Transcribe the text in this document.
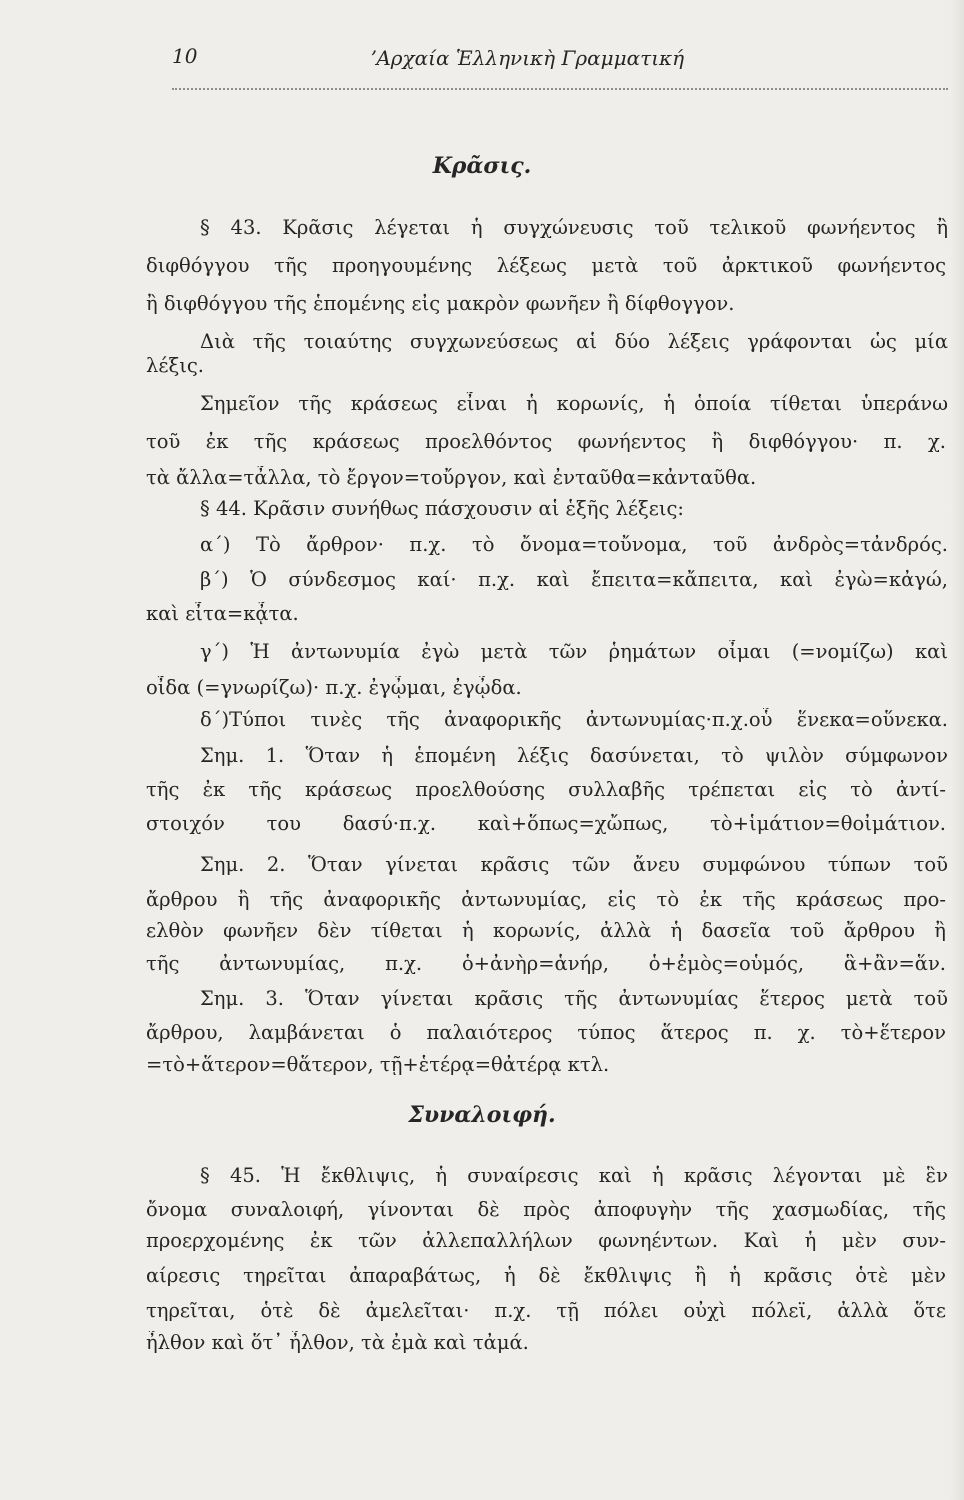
10	ʼΑρχαία Ἑλληνικὴ Γραμματική
Κρᾶσις.
§ 43. Κρᾶσις λέγεται ἡ συγχώνευσις τοῦ τελικοῦ φωνήεντος ἢ
διφθόγγου τῆς προηγουμένης λέξεως μετὰ τοῦ ἀρκτικοῦ φωνήεντος
ἢ διφθόγγου τῆς ἑπομένης εἰς μακρὸν φωνῆεν ἢ δίφθογγον.
Διὰ τῆς τοιαύτης συγχωνεύσεως αἱ δύο λέξεις γράφονται ὡς μία
λέξις.
Σημεῖον τῆς κράσεως εἶναι ἡ κορωνίς, ἡ ὁποία τίθεται ὑπεράνω
τοῦ ἐκ τῆς κράσεως προελθόντος φωνήεντος ἢ διφθόγγου· π. χ.
τὰ ἄλλα=τἆλλα, τὸ ἔργον=τοὔργον, καὶ ἐνταῦθα=κἀνταῦθα.
§ 44. Κρᾶσιν συνήθως πάσχουσιν αἱ ἑξῆς λέξεις:
α΄) Τὸ ἄρθρον· π.χ. τὸ ὄνομα=τοὔνομα, τοῦ ἀνδρὸς=τἀνδρός.
β΄) Ὁ σύνδεσμος καί· π.χ. καὶ ἔπειτα=κἄπειτα, καὶ ἐγὼ=κἀγώ,
καὶ εἶτα=κᾆτα.
γ΄) Ἡ ἀντωνυμία ἐγὼ μετὰ τῶν ῥημάτων οἶμαι (=νομίζω) καὶ
οἶδα (=γνωρίζω)· π.χ. ἐγᾦμαι, ἐγᾦδα.
δ΄)Τύποι τινὲς τῆς ἀναφορικῆς ἀντωνυμίας·π.χ.οὗ ἕνεκα=οὕνεκα.
Σημ. 1. Ὅταν ἡ ἑπομένη λέξις δασύνεται, τὸ ψιλὸν σύμφωνον
τῆς ἐκ τῆς κράσεως προελθούσης συλλαβῆς τρέπεται εἰς τὸ ἀντί-
στοιχόν του δασύ·π.χ. καὶ+ὅπως=χὤπως, τὸ+ἱμάτιον=θοἰμάτιον.
Σημ. 2. Ὅταν γίνεται κρᾶσις τῶν ἄνευ συμφώνου τύπων τοῦ
ἄρθρου ἢ τῆς ἀναφορικῆς ἀντωνυμίας, εἰς τὸ ἐκ τῆς κράσεως προ-
ελθὸν φωνῆεν δὲν τίθεται ἡ κορωνίς, ἀλλὰ ἡ δασεῖα τοῦ ἄρθρου ἢ
τῆς ἀντωνυμίας, π.χ. ὁ+ἀνὴρ=ἁνήρ, ὁ+ἐμὸς=οὑμός, ἃ+ἂν=ἅν.
Σημ. 3. Ὅταν γίνεται κρᾶσις τῆς ἀντωνυμίας ἕτερος μετὰ τοῦ
ἄρθρου, λαμβάνεται ὁ παλαιότερος τύπος ἅτερος π. χ. τὸ+ἕτερον
=τὸ+ἅτερον=θἅτερον, τῇ+ἑτέρᾳ=θἀτέρᾳ κτλ.
Συναλοιφή.
§ 45. Ἡ ἔκθλιψις, ἡ συναίρεσις καὶ ἡ κρᾶσις λέγονται μὲ ἓν
ὄνομα συναλοιφή, γίνονται δὲ πρὸς ἀποφυγὴν τῆς χασμωδίας, τῆς
προερχομένης ἐκ τῶν ἀλλεπαλλήλων φωνηέντων. Καὶ ἡ μὲν συν-
αίρεσις τηρεῖται ἀπαραβάτως, ἡ δὲ ἔκθλιψις ἢ ἡ κρᾶσις ὁτὲ μὲν
τηρεῖται, ὁτὲ δὲ ἀμελεῖται· π.χ. τῇ πόλει οὐχὶ πόλεϊ, ἀλλὰ ὅτε
ἦλθον καὶ ὅτ᾿ ἦλθον, τὰ ἐμὰ καὶ τἀμά.
